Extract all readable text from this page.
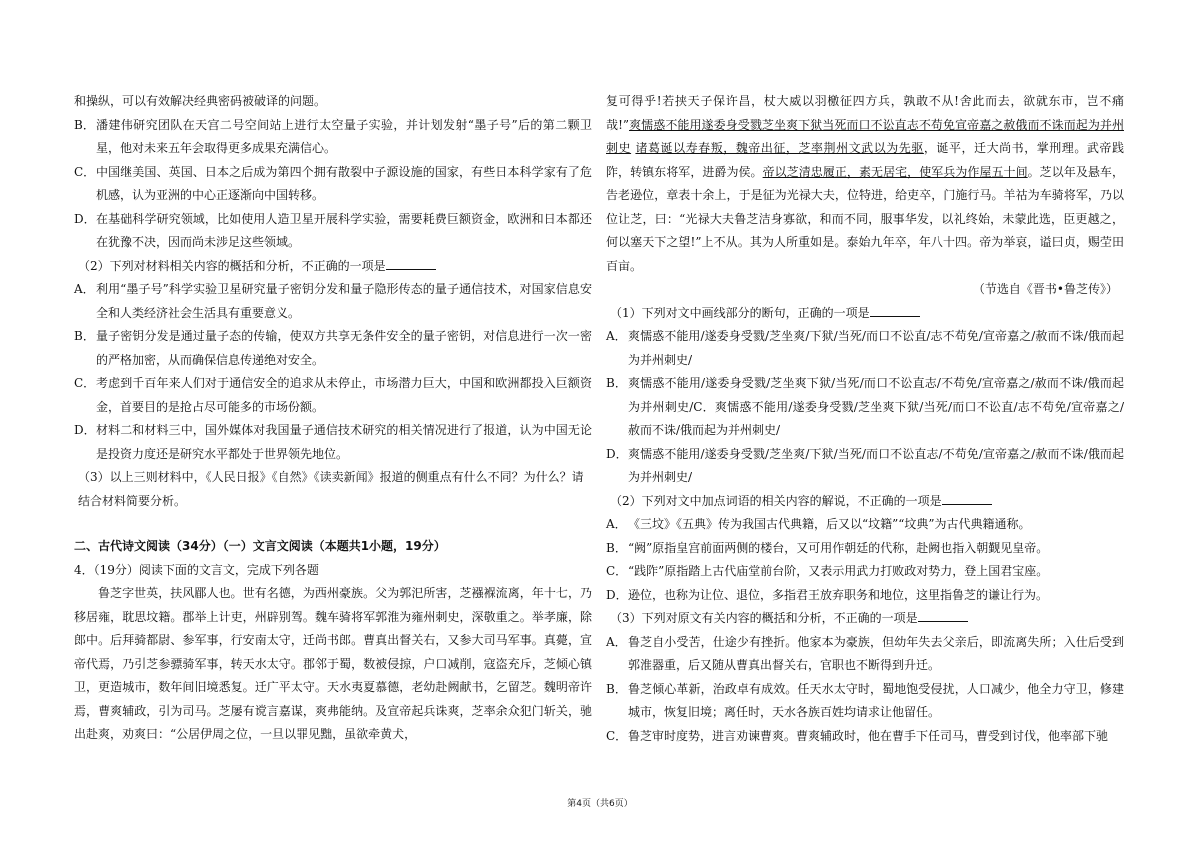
和操纵，可以有效解决经典密码被破译的问题。

B． 潘建伟研究团队在天宫二号空间站上进行太空量子实验，并计划发射“墨子号”后的第二颗卫星，他对未来五年会取得更多成果充满信心。
C． 中国继美国、英国、日本之后成为第四个拥有散裂中子源设施的国家，有些日本科学家有了危机感，认为亚洲的中心正逐渐向中国转移。
D． 在基础科学研究领域，比如使用人造卫星开展科学实验，需要耗费巨额资金，欧洲和日本都还在犹豫不决，因而尚未涉足这些领域。

（2）下列对材料相关内容的概括和分析，不正确的一项是

A． 利用“墨子号”科学实验卫星研究量子密钥分发和量子隐形传态的量子通信技术，对国家信息安全和人类经济社会生活具有重要意义。
B． 量子密钥分发是通过量子态的传输，使双方共享无条件安全的量子密钥，对信息进行一次一密的严格加密，从而确保信息传递绝对安全。
C． 考虑到千百年来人们对于通信安全的追求从未停止，市场潜力巨大，中国和欧洲都投入巨额资金，首要目的是抢占尽可能多的市场份额。
D． 材料二和材料三中，国外媒体对我国量子通信技术研究的相关情况进行了报道，认为中国无论是投资力度还是研究水平都处于世界领先地位。

（3）以上三则材料中，《人民日报》《自然》《读卖新闻》报道的侧重点有什么不同？为什么？请结合材料简要分析。

二、古代诗文阅读（34分）（一）文言文阅读（本题共1小题，19分）

4．（19分）阅读下面的文言文，完成下列各题

鲁芝字世英，扶风郿人也。世有名德，为西州豪族。父为郭汜所害，芝襁褓流离，年十七，乃移居雍，耽思坟籍。郡举上计吏，州辟别驾。魏车骑将军郭淮为雍州刺史，深敬重之。举孝廉，除郎中。后拜骑都尉、参军事，行安南太守，迁尚书郎。曹真出督关右，又参大司马军事。真薨，宣帝代焉，乃引芝参骠骑军事，转天水太守。郡邻于蜀，数被侵掠，户口减削，寇盗充斥，芝倾心镇卫，更造城市，数年间旧境悉复。迁广平太守。天水夷夏慕德，老幼赴阙献书，乞留芝。魏明帝许焉，曹爽辅政，引为司马。芝屡有谠言嘉谋，爽弗能纳。及宣帝起兵诛爽，芝率余众犯门斩关，驰出赴爽，劝爽曰：“公居伊周之位，一旦以罪见黜，虽欲牵黄犬，

复可得乎!若挟天子保许昌，杖大威以羽檄征四方兵，孰敢不从!舍此而去，欲就东市，岂不痛哉!”爽懦惑不能用遂委身受戮芝坐爽下狱当死而口不讼直志不苟免宣帝嘉之赦俄而不诛而起为并州刺史 诸葛诞以寿春叛，魏帝出征，芝率荆州文武以为先驱，诞平，迁大尚书，掌刑理。武帝践阼，转镇东将军，进爵为侯。帝以芝清忠履正，素无居宅，使军兵为作屋五十间。芝以年及悬车，告老逊位，章表十余上，于是征为光禄大夫，位特进，给吏卒，门施行马。羊祜为车骑将军，乃以位让芝，曰：“光禄大夫鲁芝洁身寡欲，和而不同，服事华发，以礼终始，未蒙此选，臣更越之，何以塞天下之望!”上不从。其为人所重如是。泰始九年卒，年八十四。帝为举哀，谥曰贞，赐茔田百亩。

（节选自《晋书•鲁芝传》）

（1）下列对文中画线部分的断句，正确的一项是

A． 爽懦惑不能用/遂委身受戮/芝坐爽/下狱/当死/而口不讼直/志不苟免/宣帝嘉之/赦而不诛/俄而起为并州刺史/
B． 爽懦惑不能用/遂委身受戮/芝坐爽下狱/当死/而口不讼直志/不苟免/宣帝嘉之/赦而不诛/俄而起为并州刺史/C．爽懦惑不能用/遂委身受戮/芝坐爽下狱/当死/而口不讼直/志不苟免/宣帝嘉之/赦而不诛/俄而起为并州刺史/
D． 爽懦惑不能用/遂委身受戮/芝坐爽/下狱/当死/而口不讼直志/不苟免/宣帝嘉之/赦而不诛/俄而起为并州刺史/

（2）下列对文中加点词语的相关内容的解说，不正确的一项是

A． 《三坟》《五典》传为我国古代典籍，后又以“坟籍”“坟典”为古代典籍通称。
B． “阙”原指皇宫前面两侧的楼台，又可用作朝廷的代称，赴阙也指入朝觐见皇帝。
C． “践阼”原指踏上古代庙堂前台阶，又表示用武力打败政对势力，登上国君宝座。
D． 逊位，也称为让位、退位，多指君王放弃职务和地位，这里指鲁芝的谦让行为。

（3）下列对原文有关内容的概括和分析，不正确的一项是

A． 鲁芝自小受苦，仕途少有挫折。他家本为豪族，但幼年失去父亲后，即流离失所；入仕后受到郭淮器重，后又随从曹真出督关右，官职也不断得到升迁。
B． 鲁芝倾心革新，治政卓有成效。任天水太守时，蜀地饱受侵扰，人口减少，他全力守卫，修建城市，恢复旧境；离任时，天水各族百姓均请求让他留任。
C． 鲁芝审时度势，进言劝谏曹爽。曹爽辅政时，他在曹手下任司马，曹受到讨伐，他率部下驰
第4页（共6页）
